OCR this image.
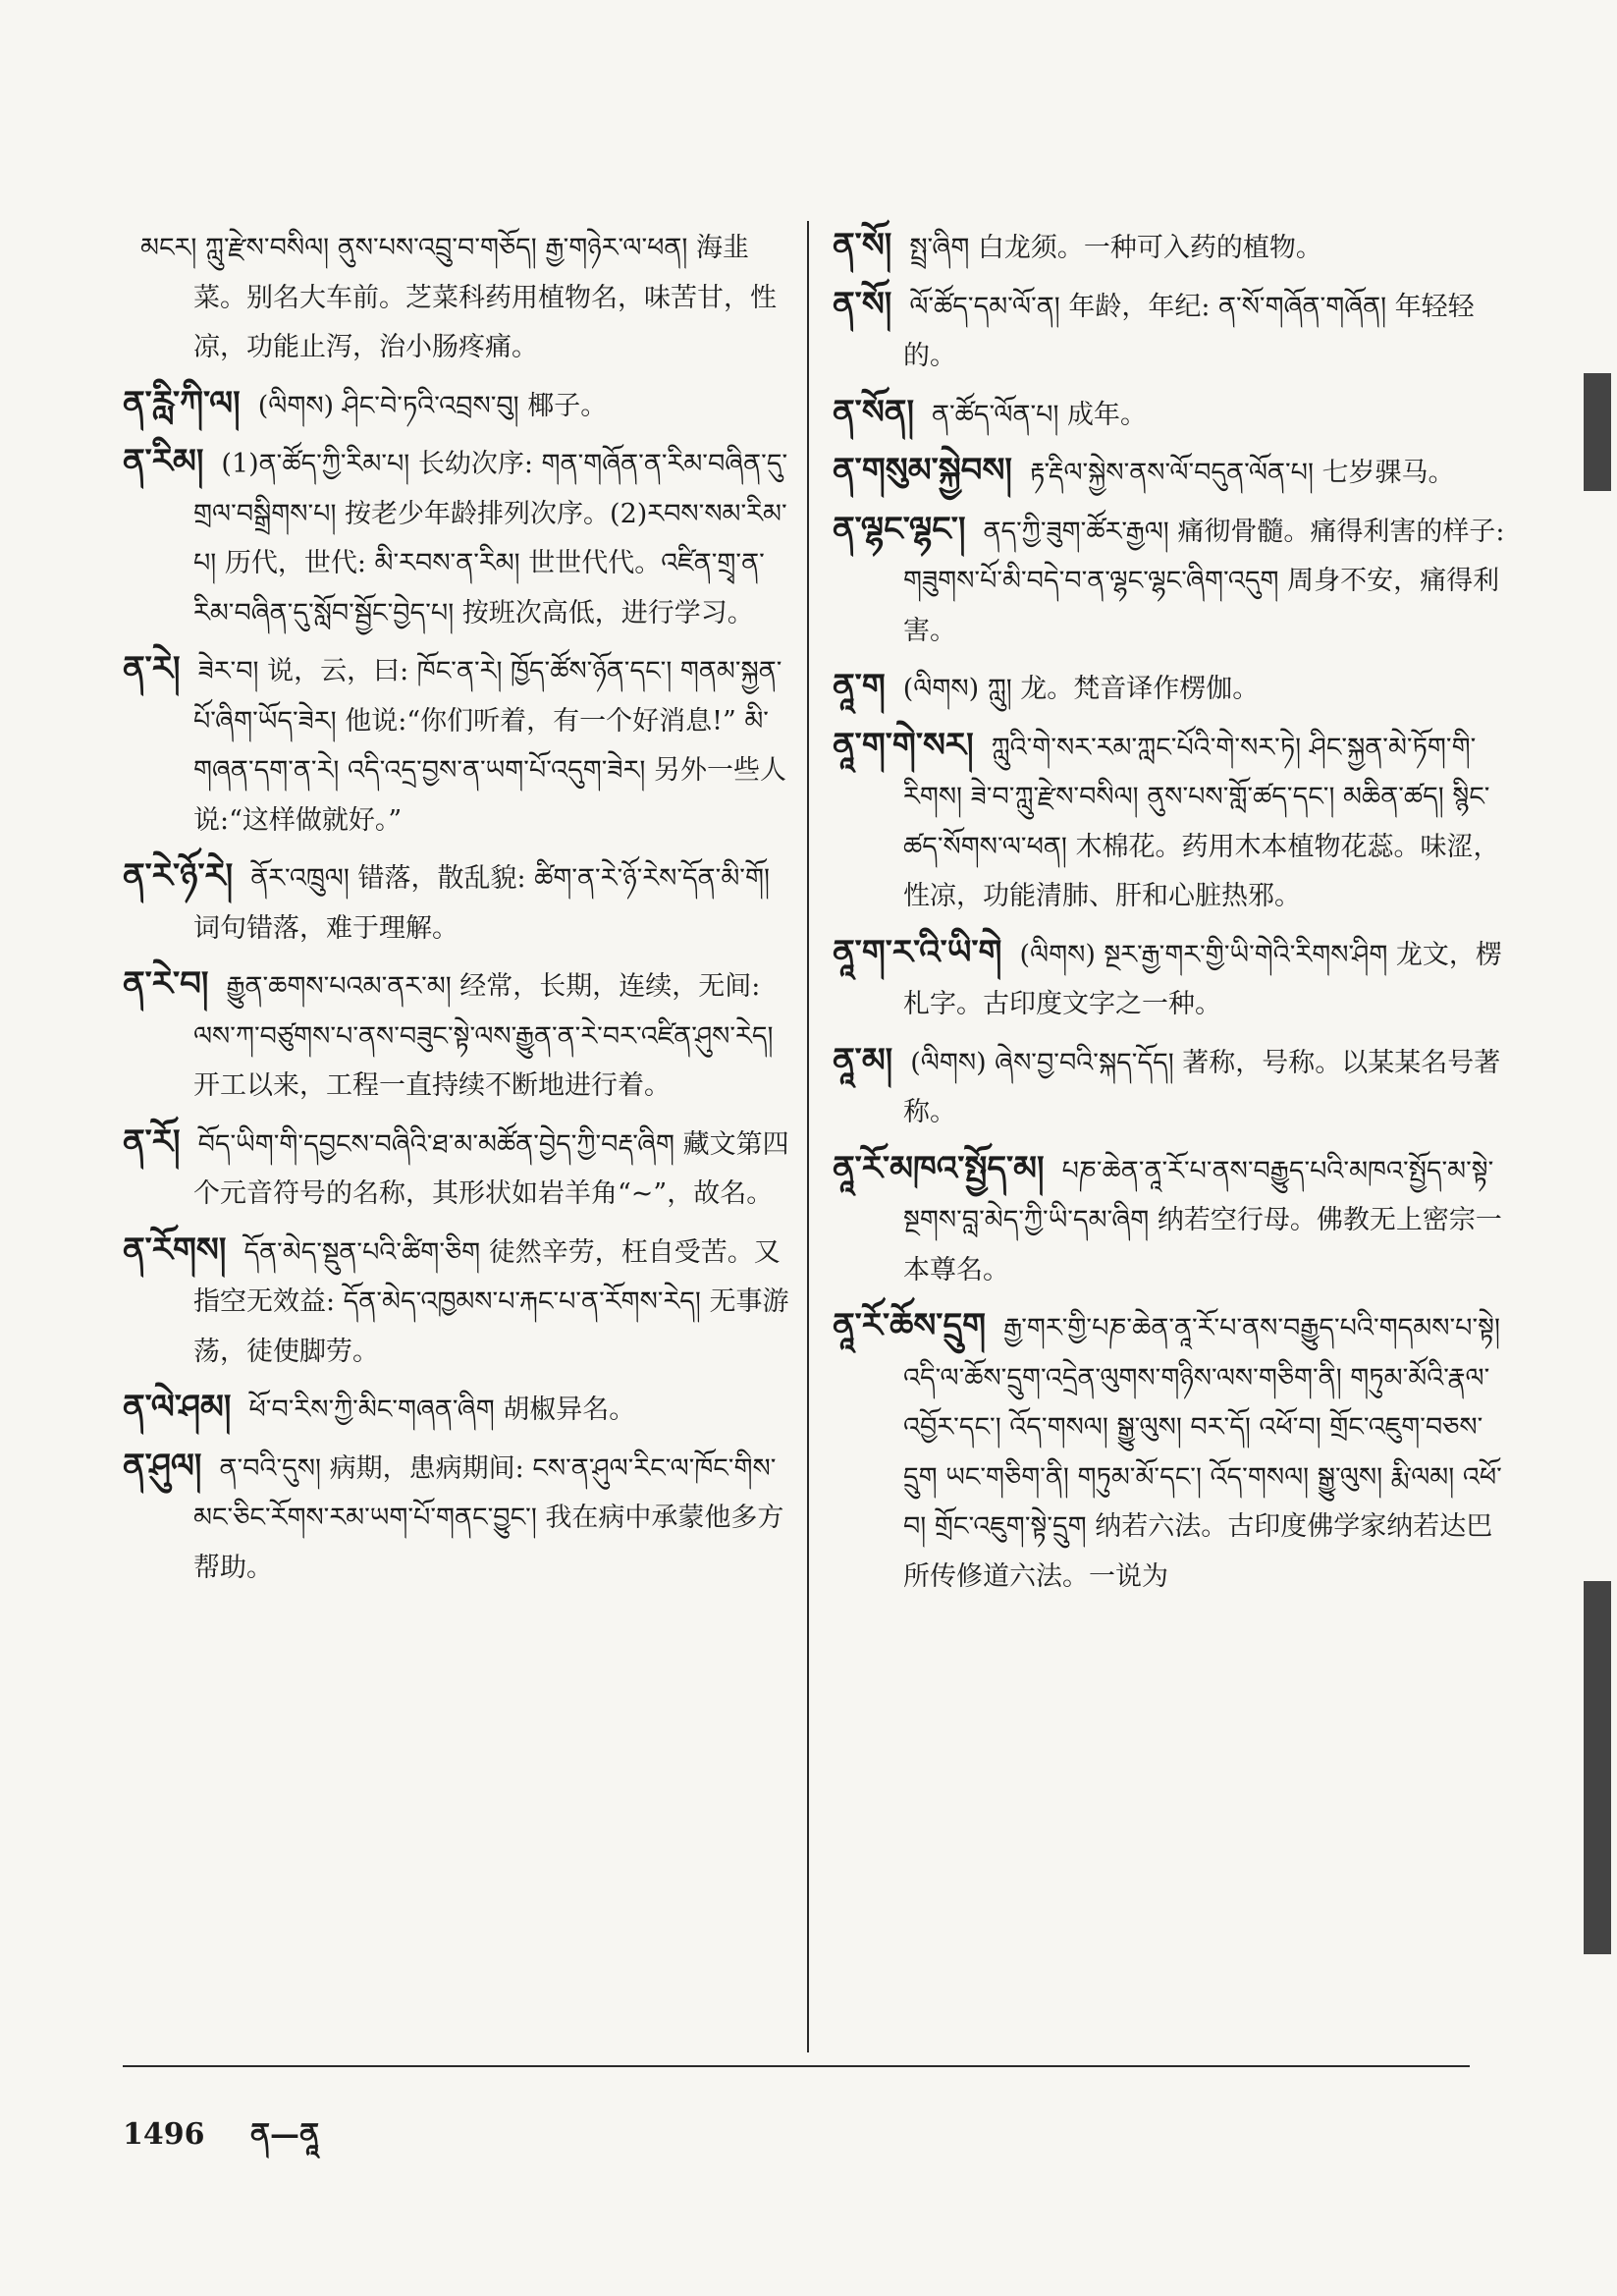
མངར། ཀླུ་རྫེས་བསིལ། ནུས་པས་འབྲུ་བ་གཅོད། རྒྱ་གཉེར་ལ་ཕན། 海韭菜。别名大车前。芝菜科药用植物名，味苦甘，性凉，功能止泻，治小肠疼痛。
ན་རླི་ཀི་ལ། (ལིགས) ཤིང་བེ་ཏའི་འབྲས་བུ། 椰子。
ན་རིམ། (1)ན་ཚོད་ཀྱི་རིམ་པ། 长幼次序: གན་གཞོན་ན་རིམ་བཞིན་དུ་གྲལ་བསྒྲིགས་པ། 按老少年龄排列次序。(2)རབས་སམ་རིམ་པ། 历代，世代: མི་རབས་ན་རིམ། 世世代代。འཛིན་གྲྭ་ན་རིམ་བཞིན་དུ་སློབ་སྦྱོང་བྱེད་པ། 按班次高低，进行学习。
ན་རེ། ཟེར་བ། 说，云，曰: ཁོང་ན་རེ། ཁྱོད་ཚོས་ཉོན་དང་། གནམ་སྐྱན་པོ་ཞིག་ཡོད་ཟེར། 他说:“你们听着，有一个好消息!” མི་གཞན་དག་ན་རེ། འདི་འདྲ་བྱས་ན་ཡག་པོ་འདུག་ཟེར། 另外一些人说:“这样做就好。”
ན་རེ་ཉོ་རེ། ནོར་འཁྲུལ། 错落，散乱貌: ཚིག་ན་རེ་ཉོ་རེས་དོན་མི་གོ། 词句错落，难于理解。
ན་རེ་བ། རྒྱུན་ཆགས་པའམ་ནར་མ། 经常，长期，连续，无间: ལས་ཀ་བཙུགས་པ་ནས་བཟུང་སྟེ་ལས་རྒྱུན་ན་རེ་བར་འཛིན་ཤུས་རེད། 开工以来，工程一直持续不断地进行着。
ན་རོ། བོད་ཡིག་གི་དབྱངས་བཞིའི་ཐ་མ་མཚོན་བྱེད་ཀྱི་བརྡ་ཞིག 藏文第四个元音符号的名称，其形状如岩羊角“~”，故名。
ན་རོགས། དོན་མེད་སྡུན་པའི་ཚིག་ཅིག 徒然辛劳，枉自受苦。又指空无效益: དོན་མེད་འཁྱམས་པ་རྐང་པ་ན་རོགས་རེད། 无事游荡，徒使脚劳。
ན་ལེ་ཤམ། ཕོ་བ་རིས་ཀྱི་མིང་གཞན་ཞིག 胡椒异名。
ན་ཤུལ། ན་བའི་དུས། 病期，患病期间: ངས་ན་ཤུལ་རིང་ལ་ཁོང་གིས་མང་ཅིང་རོགས་རམ་ཡག་པོ་གནང་བྱུང་། 我在病中承蒙他多方帮助。
ན་སོ། སྤྲ་ཞིག 白龙须。一种可入药的植物。
ན་སོ། ལོ་ཚོད་དམ་ལོ་ན། 年龄，年纪: ན་སོ་གཞོན་གཞོན། 年轻轻的。
ན་སོན། ན་ཚོད་ལོན་པ། 成年。
ན་གསུམ་སྐྱེབས། རྟ་རྡིལ་སྐྱེས་ནས་ལོ་བདུན་ལོན་པ། 七岁骒马。
ན་ལྷང་ལྷང་། ནད་ཀྱི་ཟུག་ཚོར་རྒྱལ། 痛彻骨髓。痛得利害的样子: གཟུགས་པོ་མི་བདེ་བ་ན་ལྷང་ལྷང་ཞིག་འདུག 周身不安，痛得利害。
ནཱ་ག (ལིགས) ཀླུ། 龙。梵音译作楞伽。
ནཱ་ག་གེ་སར། ཀླུའི་གེ་སར་རམ་ཀླང་པོའི་གེ་སར་ཏེ། ཤིང་སྐྱན་མེ་ཏོག་གི་རིགས། ཟེ་བ་ཀླུ་རྫེས་བསིལ། ནུས་པས་གློ་ཚད་དང་། མཆིན་ཚད། སྙིང་ཚད་སོགས་ལ་ཕན། 木棉花。药用木本植物花蕊。味涩，性凉，功能清肺、肝和心脏热邪。
ནཱ་ག་ར་འི་ཡི་གེ (ལིགས) སྔར་རྒྱ་གར་གྱི་ཡི་གེའི་རིགས་ཤིག 龙文，楞札字。古印度文字之一种。
ནཱ་མ། (ལིགས) ཞེས་བྱ་བའི་སྐད་དོད། 著称，号称。以某某名号著称。
ནཱ་རོ་མཁའ་སྤྱོད་མ། པཎ་ཆེན་ནཱ་རོ་པ་ནས་བརྒྱུད་པའི་མཁའ་སྤྱོད་མ་སྟེ་སྔགས་བླ་མེད་ཀྱི་ཡི་དམ་ཞིག 纳若空行母。佛教无上密宗一本尊名。
ནཱ་རོ་ཆོས་དྲུག རྒྱ་གར་གྱི་པཎ་ཆེན་ནཱ་རོ་པ་ནས་བརྒྱུད་པའི་གདམས་པ་སྟེ། འདི་ལ་ཆོས་དྲུག་འདྲེན་ལུགས་གཉིས་ལས་གཅིག་ནི། གཏུམ་མོའི་རྣལ་འབྱོར་དང་། འོད་གསལ། སྒྱུ་ལུས། བར་དོ། འཕོ་བ། གྲོང་འཇུག་བཅས་དྲུག ཡང་གཅིག་ནི། གཏུམ་མོ་དང་། འོད་གསལ། སྒྱུ་ལུས། རྨི་ལམ། འཕོ་བ། གྲོང་འཇུག་སྟེ་དྲུག 纳若六法。古印度佛学家纳若达巴所传修道六法。一说为
1496 ན—ནཱ
